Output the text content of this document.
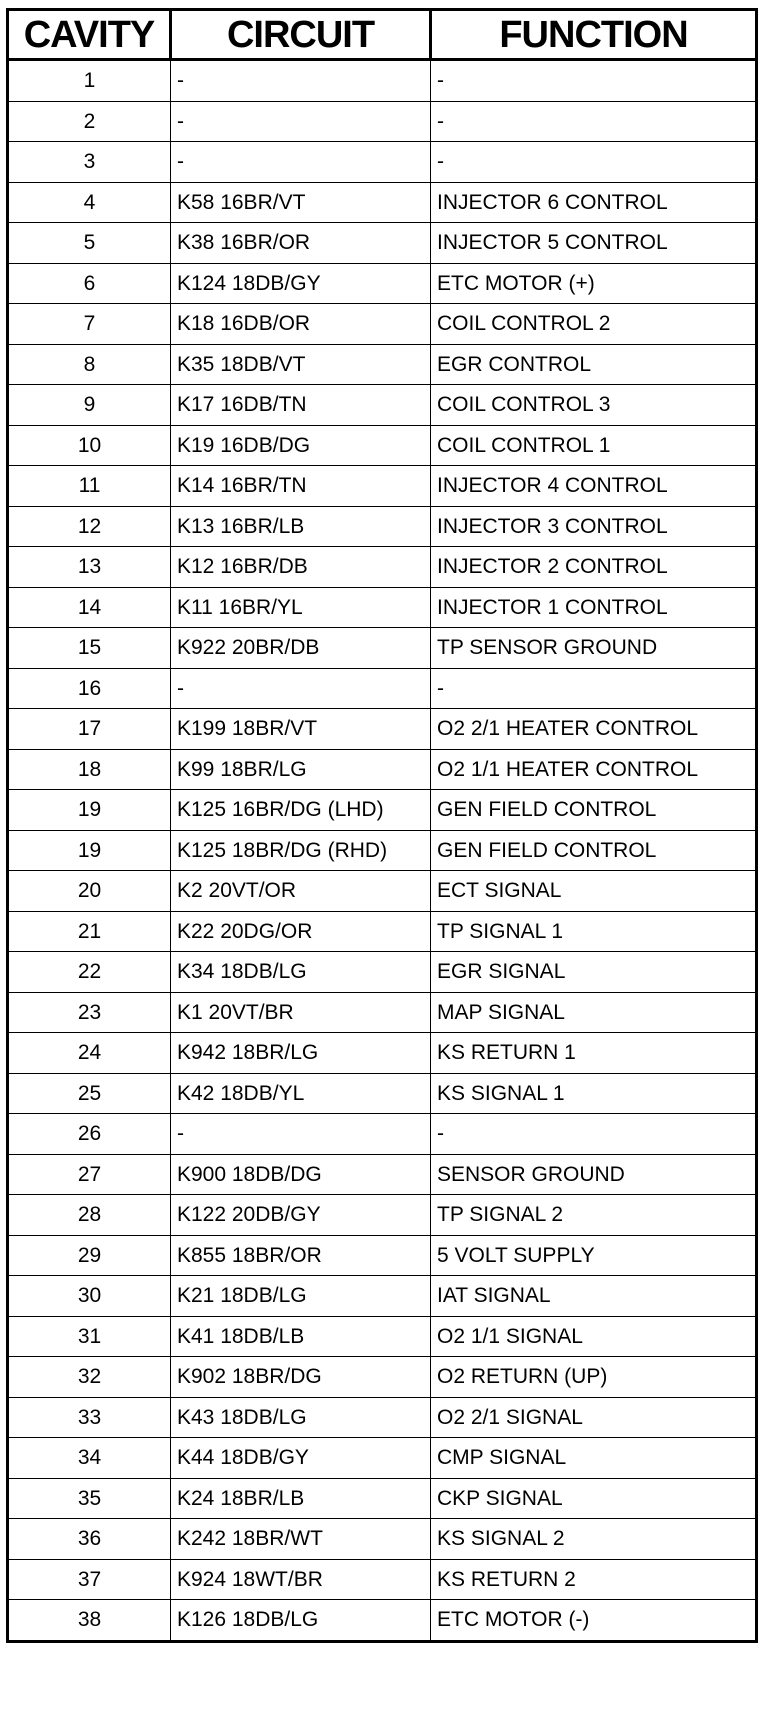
CAVITY	CIRCUIT	FUNCTION
1	-	-
2	-	-
3	-	-
4	K58 16BR/VT	INJECTOR 6 CONTROL
5	K38 16BR/OR	INJECTOR 5 CONTROL
6	K124 18DB/GY	ETC MOTOR (+)
7	K18 16DB/OR	COIL CONTROL 2
8	K35 18DB/VT	EGR CONTROL
9	K17 16DB/TN	COIL CONTROL 3
10	K19 16DB/DG	COIL CONTROL 1
11	K14 16BR/TN	INJECTOR 4 CONTROL
12	K13 16BR/LB	INJECTOR 3 CONTROL
13	K12 16BR/DB	INJECTOR 2 CONTROL
14	K11 16BR/YL	INJECTOR 1 CONTROL
15	K922 20BR/DB	TP SENSOR GROUND
16	-	-
17	K199 18BR/VT	O2 2/1 HEATER CONTROL
18	K99 18BR/LG	O2 1/1 HEATER CONTROL
19	K125 16BR/DG (LHD)	GEN FIELD CONTROL
19	K125 18BR/DG (RHD)	GEN FIELD CONTROL
20	K2 20VT/OR	ECT SIGNAL
21	K22 20DG/OR	TP SIGNAL 1
22	K34 18DB/LG	EGR SIGNAL
23	K1 20VT/BR	MAP SIGNAL
24	K942 18BR/LG	KS RETURN 1
25	K42 18DB/YL	KS SIGNAL 1
26	-	-
27	K900 18DB/DG	SENSOR GROUND
28	K122 20DB/GY	TP SIGNAL 2
29	K855 18BR/OR	5 VOLT SUPPLY
30	K21 18DB/LG	IAT SIGNAL
31	K41 18DB/LB	O2 1/1 SIGNAL
32	K902 18BR/DG	O2 RETURN (UP)
33	K43 18DB/LG	O2 2/1 SIGNAL
34	K44 18DB/GY	CMP SIGNAL
35	K24 18BR/LB	CKP SIGNAL
36	K242 18BR/WT	KS SIGNAL 2
37	K924 18WT/BR	KS RETURN 2
38	K126 18DB/LG	ETC MOTOR (-)
